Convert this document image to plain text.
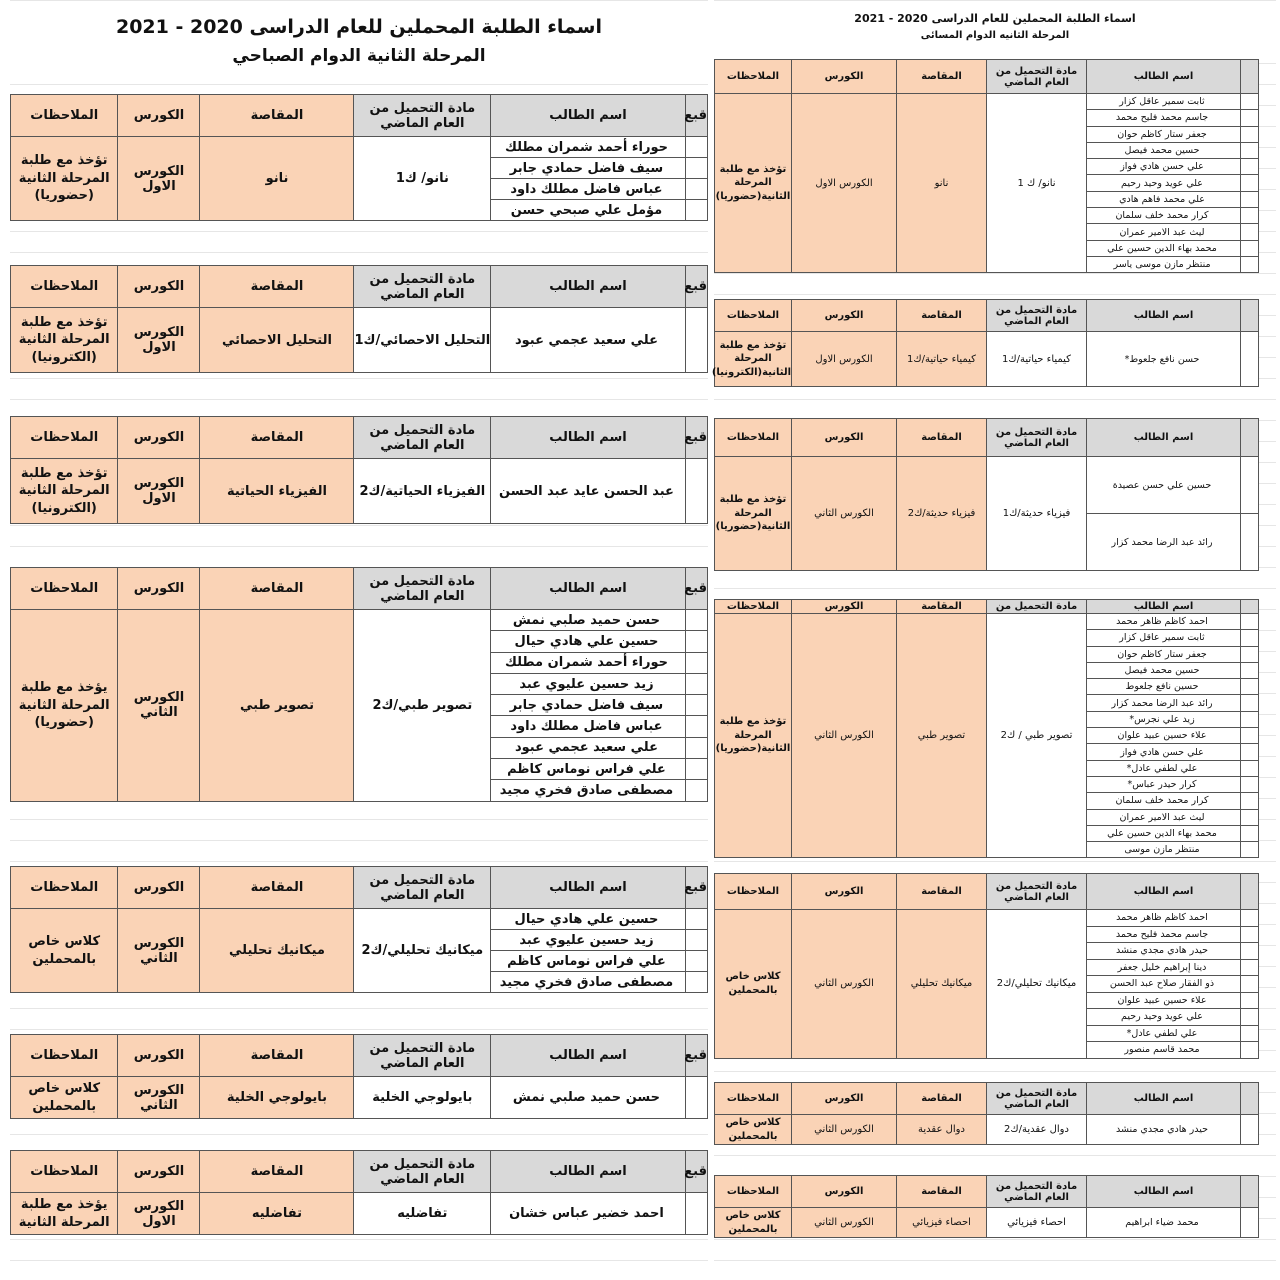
اسماء الطلبة المحملين للعام الدراسى 2020 - 2021
المرحلة الثانية الدوام الصباحي
قبع	اسم الطالب	مادة التحميل من العام الماضي	المقاصة	الكورس	الملاحظات
	حوراء أحمد شمران مطلك	نانو/ ك1	نانو	الكورس الاول	تؤخذ مع طلبة المرحلة الثانية (حضوريا)
	سيف فاضل حمادي جابر				
	عباس فاضل مطلك داود				
	مؤمل علي صبحي حسن				
قبع	اسم الطالب	مادة التحميل من العام الماضي	المقاصة	الكورس	الملاحظات
	علي سعيد عجمي عبود	التحليل الاحصائي/ك1	التحليل الاحصائي	الكورس الاول	تؤخذ مع طلبة المرحلة الثانية (الكترونيا)
قبع	اسم الطالب	مادة التحميل من العام الماضي	المقاصة	الكورس	الملاحظات
	عبد الحسن عايد عبد الحسن	الفيزياء الحياتية/ك2	الفيزياء الحياتية	الكورس الاول	تؤخذ مع طلبة المرحلة الثانية (الكترونيا)
قبع	اسم الطالب	مادة التحميل من العام الماضي	المقاصة	الكورس	الملاحظات
	حسن حميد صلبي نمش	تصوير طبي/ك2	تصوير طبي	الكورس الثاني	يؤخذ مع طلبة المرحلة الثانية (حضوريا)
	حسين علي هادي حيال				
	حوراء أحمد شمران مطلك				
	زيد حسين عليوي عبد				
	سيف فاضل حمادي جابر				
	عباس فاضل مطلك داود				
	علي سعيد عجمي عبود				
	علي فراس نوماس كاظم				
	مصطفى صادق فخري مجيد				
قبع	اسم الطالب	مادة التحميل من العام الماضي	المقاصة	الكورس	الملاحظات
	حسين علي هادي حيال	ميكانيك تحليلي/ك2	ميكانيك تحليلي	الكورس الثاني	كلاس خاص بالمحملين
	زيد حسين عليوي عبد				
	علي فراس نوماس كاظم				
	مصطفى صادق فخري مجيد				
قبع	اسم الطالب	مادة التحميل من العام الماضي	المقاصة	الكورس	الملاحظات
	حسن حميد صلبي نمش	بايولوجي الخلية	بايولوجي الخلية	الكورس الثاني	كلاس خاص بالمحملين
قبع	اسم الطالب	مادة التحميل من العام الماضي	المقاصة	الكورس	الملاحظات
	احمد خضير عباس خشان	تفاضليه	تفاضليه	الكورس الاول	يؤخذ مع طلبة المرحلة الثانية
اسماء الطلبة المحملين للعام الدراسى 2020 - 2021
المرحلة الثانيه الدوام المسائى
	اسم الطالب	مادة التحميل من العام الماضي	المقاصة	الكورس	الملاحظات
	ثابت سمير عاقل كزار	نانو/ ك 1	نانو	الكورس الاول	تؤخذ مع طلبة المرحلة الثانية(حضوريا)
	جاسم محمد فليح محمد				
	جعفر ستار كاظم حوان				
	حسين محمد فيصل				
	علي حسن هادي فواز				
	علي عويد وحيد رحيم				
	علي محمد فاهم هادي				
	كرار محمد خلف سلمان				
	ليث عبد الامير عمران				
	محمد بهاء الدين حسين علي				
	منتظر مازن موسى ياسر				
	اسم الطالب	مادة التحميل من العام الماضي	المقاصة	الكورس	الملاحظات
	حسن نافع جلعوط*	كيمياء حياتية/ك1	كيمياء حياتية/ك1	الكورس الاول	تؤخذ مع طلبة المرحلة الثانية(الكترونيا)
	اسم الطالب	مادة التحميل من العام الماضي	المقاصة	الكورس	الملاحظات
	حسين علي حسن عصيدة	فيزياء حديثة/ك1	فيزياء حديثة/ك2	الكورس الثاني	تؤخذ مع طلبة المرحلة الثانية(حضوريا)
	رائد عبد الرضا محمد كزار				
	اسم الطالب	مادة التحميل من	المقاصة	الكورس	الملاحظات
	احمد كاظم ظاهر محمد	تصوير طبي / ك2	تصوير طبي	الكورس الثاني	تؤخذ مع طلبة المرحلة الثانية(حضوريا)
	ثابت سمير عاقل كزار				
	جعفر ستار كاظم حوان				
	حسين محمد فيصل				
	حسين نافع جلعوط				
	رائد عبد الرضا محمد كزار				
	زيد علي نجرس*				
	علاء حسين عبيد علوان				
	علي حسن هادي فواز				
	علي لطفي عادل*				
	كرار حيدر عباس*				
	كرار محمد خلف سلمان				
	ليث عبد الامير عمران				
	محمد بهاء الدين حسين علي				
	منتظر مازن موسى				
	اسم الطالب	مادة التحميل من العام الماضي	المقاصة	الكورس	الملاحظات
	احمد كاظم ظاهر محمد	ميكانيك تحليلي/ك2	ميكانيك تحليلي	الكورس الثاني	كلاس خاص بالمحملين
	جاسم محمد فليح محمد				
	حيدر هادي مجدي منشد				
	دينا إبراهيم خليل جعفر				
	ذو الفقار صلاح عبد الحسن				
	علاء حسين عبيد علوان				
	علي عويد وحيد رحيم				
	علي لطفي عادل*				
	محمد قاسم منصور				
	اسم الطالب	مادة التحميل من العام الماضي	المقاصة	الكورس	الملاحظات
	حيدر هادي مجدي منشد	دوال عقدية/ك2	دوال عقدية	الكورس الثاني	كلاس خاص بالمحملين
	اسم الطالب	مادة التحميل من العام الماضي	المقاصة	الكورس	الملاحظات
	محمد ضياء ابراهيم	احصاء فيزيائي	احصاء فيزيائي	الكورس الثاني	كلاس خاص بالمحملين
